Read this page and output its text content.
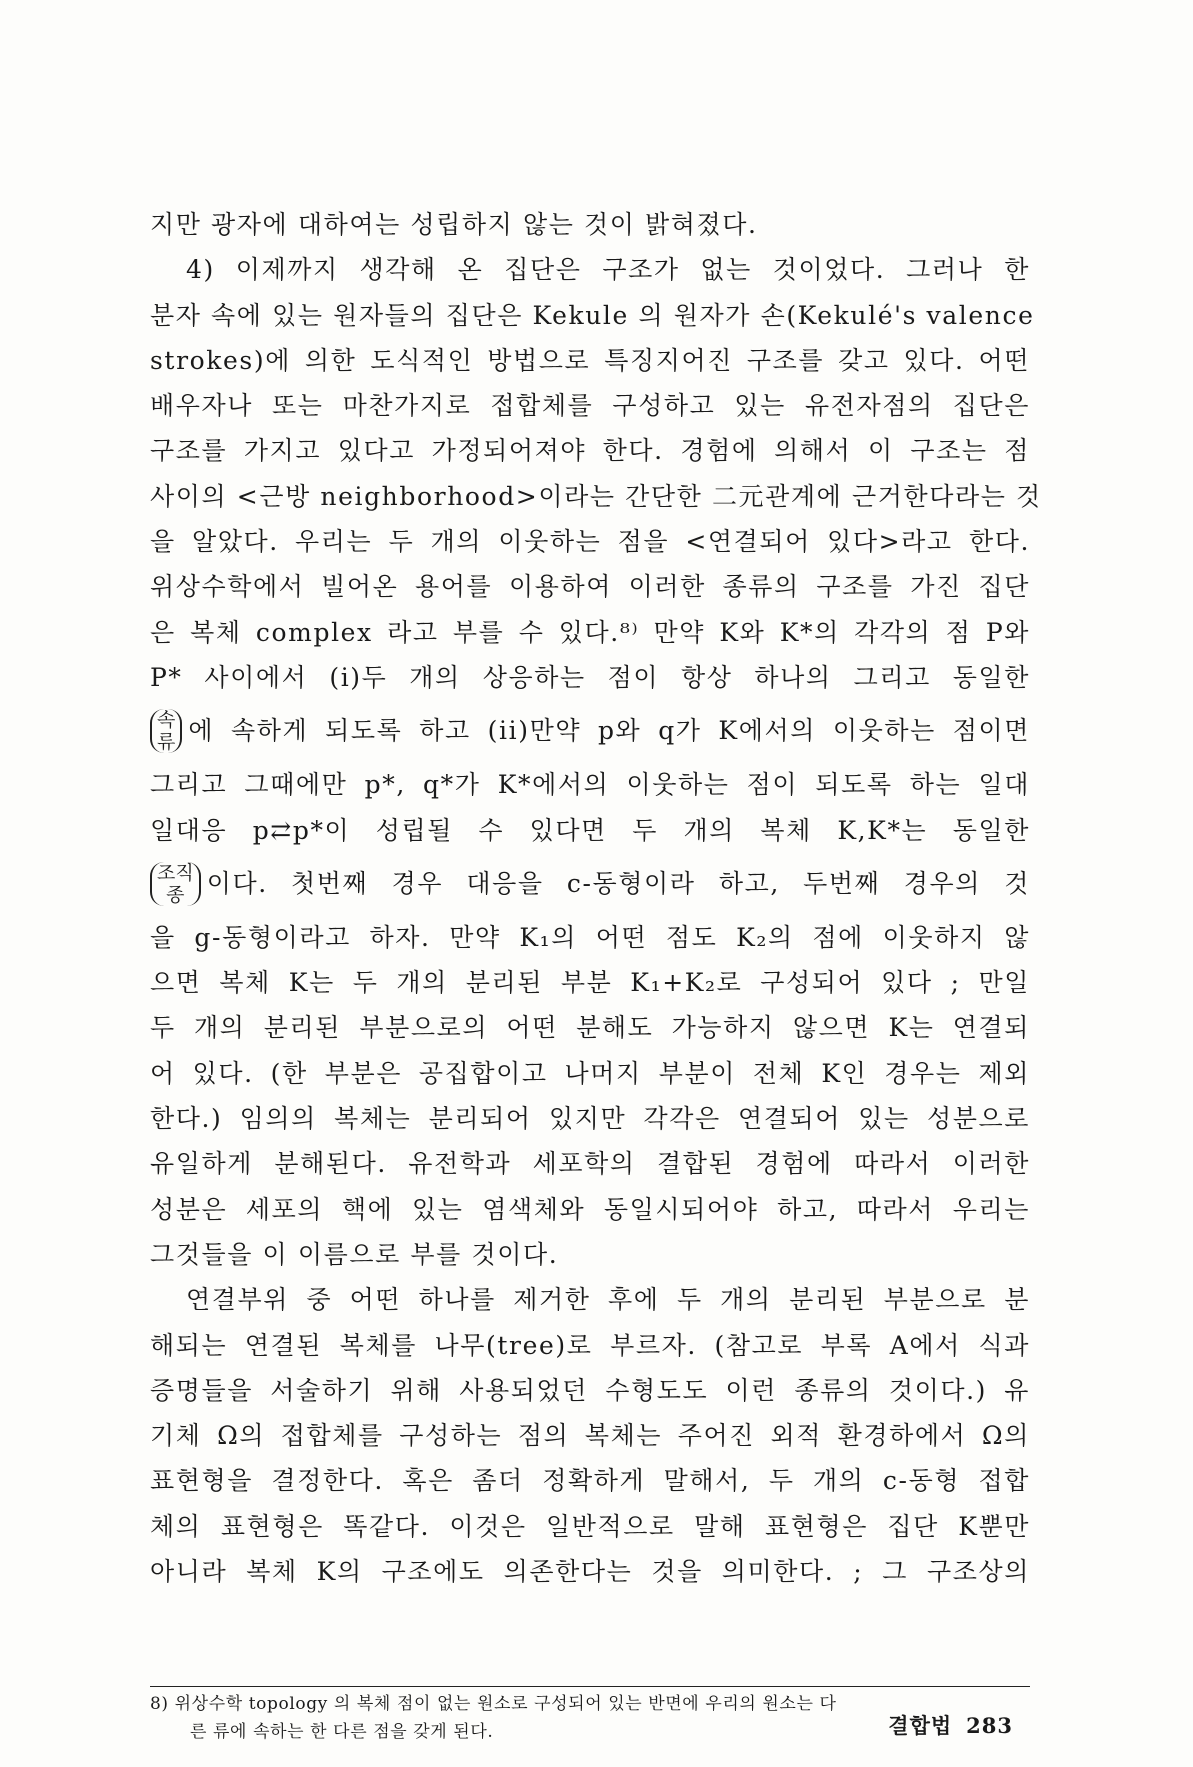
지만 광자에 대하여는 성립하지 않는 것이 밝혀졌다.
4) 이제까지 생각해 온 집단은 구조가 없는 것이었다. 그러나 한
분자 속에 있는 원자들의 집단은 Kekule 의 원자가 손(Kekulé's valence
strokes)에 의한 도식적인 방법으로 특징지어진 구조를 갖고 있다. 어떤
배우자나 또는 마찬가지로 접합체를 구성하고 있는 유전자점의 집단은
구조를 가지고 있다고 가정되어져야 한다. 경험에 의해서 이 구조는 점
사이의 <근방 neighborhood>이라는 간단한 二元관계에 근거한다라는 것
을 알았다. 우리는 두 개의 이웃하는 점을 <연결되어 있다>라고 한다.
위상수학에서 빌어온 용어를 이용하여 이러한 종류의 구조를 가진 집단
은 복체 complex 라고 부를 수 있다.⁸⁾ 만약 K와 K*의 각각의 점 P와
P* 사이에서 (i)두 개의 상응하는 점이 항상 하나의 그리고 동일한
속
류 에 속하게 되도록 하고 (ii)만약 p와 q가 K에서의 이웃하는 점이면
그리고 그때에만 p*, q*가 K*에서의 이웃하는 점이 되도록 하는 일대
일대응 p⇄p*이 성립될 수 있다면 두 개의 복체 K,K*는 동일한
조직
종 이다. 첫번째 경우 대응을 c-동형이라 하고, 두번째 경우의 것
을 g-동형이라고 하자. 만약 K₁의 어떤 점도 K₂의 점에 이웃하지 않
으면 복체 K는 두 개의 분리된 부분 K₁+K₂로 구성되어 있다 ; 만일
두 개의 분리된 부분으로의 어떤 분해도 가능하지 않으면 K는 연결되
어 있다. (한 부분은 공집합이고 나머지 부분이 전체 K인 경우는 제외
한다.) 임의의 복체는 분리되어 있지만 각각은 연결되어 있는 성분으로
유일하게 분해된다. 유전학과 세포학의 결합된 경험에 따라서 이러한
성분은 세포의 핵에 있는 염색체와 동일시되어야 하고, 따라서 우리는
그것들을 이 이름으로 부를 것이다.
연결부위 중 어떤 하나를 제거한 후에 두 개의 분리된 부분으로 분
해되는 연결된 복체를 나무(tree)로 부르자. (참고로 부록 A에서 식과
증명들을 서술하기 위해 사용되었던 수형도도 이런 종류의 것이다.) 유
기체 Ω의 접합체를 구성하는 점의 복체는 주어진 외적 환경하에서 Ω의
표현형을 결정한다. 혹은 좀더 정확하게 말해서, 두 개의 c-동형 접합
체의 표현형은 똑같다. 이것은 일반적으로 말해 표현형은 집단 K뿐만
아니라 복체 K의 구조에도 의존한다는 것을 의미한다. ; 그 구조상의
8) 위상수학 topology 의 복체 점이 없는 원소로 구성되어 있는 반면에 우리의 원소는 다
른 류에 속하는 한 다른 점을 갖게 된다.	결합법 283
